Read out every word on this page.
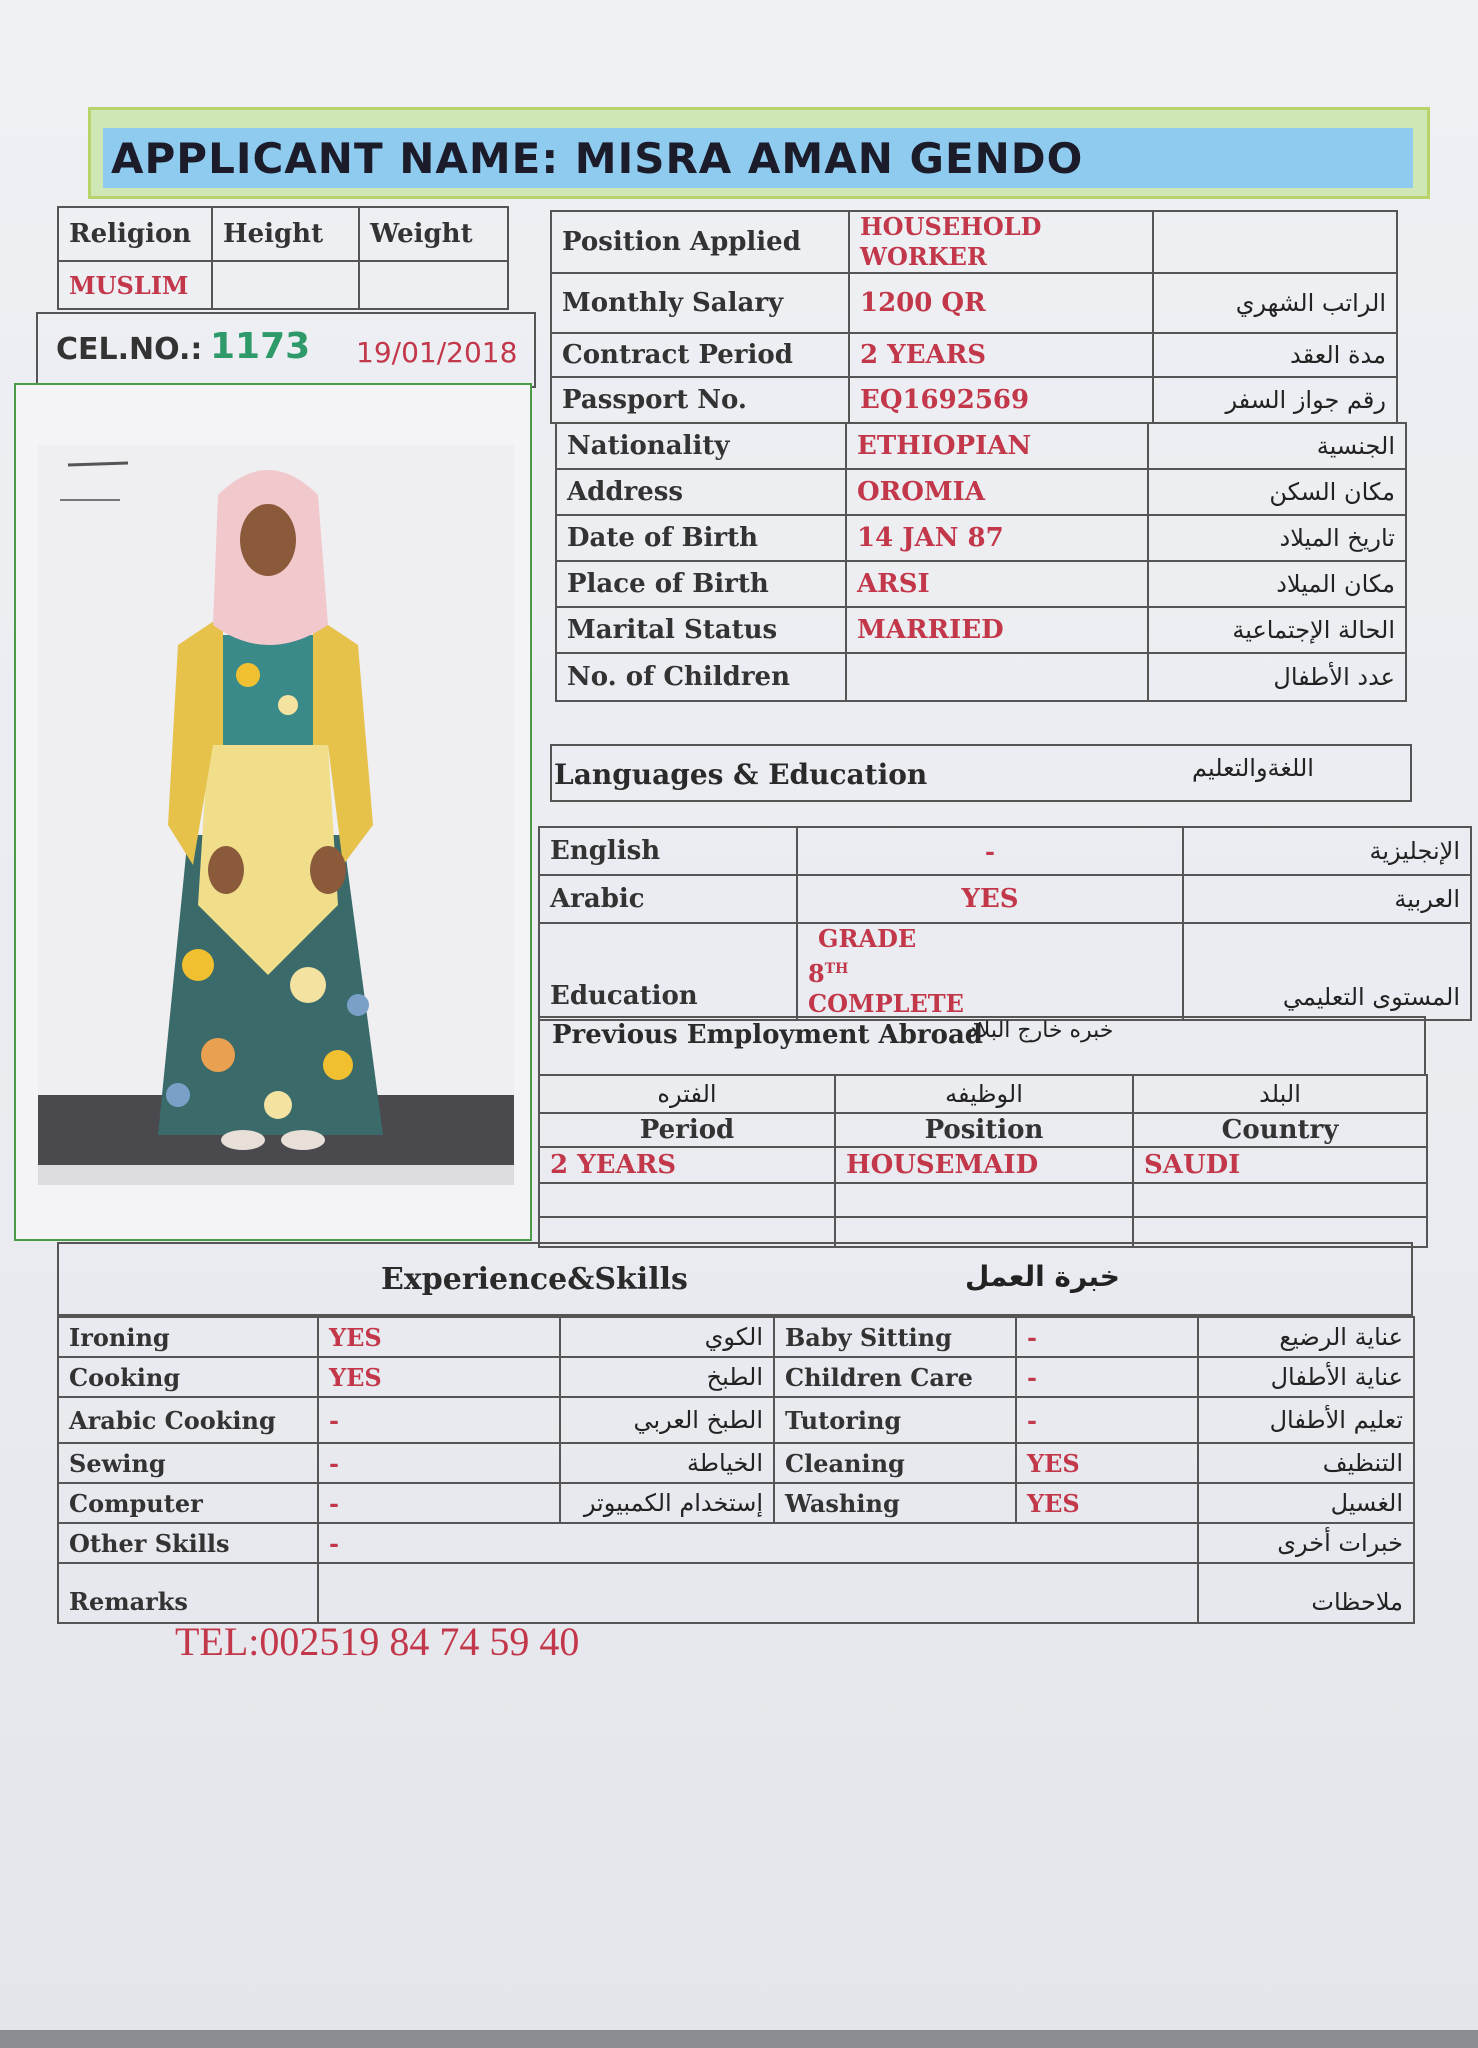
APPLICANT NAME: MISRA AMAN GENDO
Religion	Height	Weight
MUSLIM		
CEL.NO.: 1173 19/01/2018
Position Applied	HOUSEHOLD WORKER	
Monthly Salary	1200 QR	الراتب الشهري
Contract Period	2 YEARS	مدة العقد
Passport No.	EQ1692569	رقم جواز السفر
Nationality	ETHIOPIAN	الجنسية
Address	OROMIA	مكان السكن
Date of Birth	14 JAN 87	تاريخ الميلاد
Place of Birth	ARSI	مكان الميلاد
Marital Status	MARRIED	الحالة الإجتماعية
No. of Children		عدد الأطفال
Languages & Education	اللغةوالتعليم
English	-	الإنجليزية
Arabic	YES	العربية
Education	GRADE
8TH
COMPLETE	المستوى التعليمي
Previous Employment Abroad
خبره خارج البلاد
الفتره	الوظيفه	البلد
Period	Position	Country
2 YEARS	HOUSEMAID	SAUDI

Experience&Skills	خبرة العمل
Ironing	YES	الكوي	Baby Sitting	-	عناية الرضيع
Cooking	YES	الطبخ	Children Care	-	عناية الأطفال
Arabic Cooking	-	الطبخ العربي	Tutoring	-	تعليم الأطفال
Sewing	-	الخياطة	Cleaning	YES	التنظيف
Computer	-	إستخدام الكمبيوتر	Washing	YES	الغسيل
Other Skills	-				خبرات أخرى
Remarks					ملاحظات
TEL:002519 84 74 59 40
